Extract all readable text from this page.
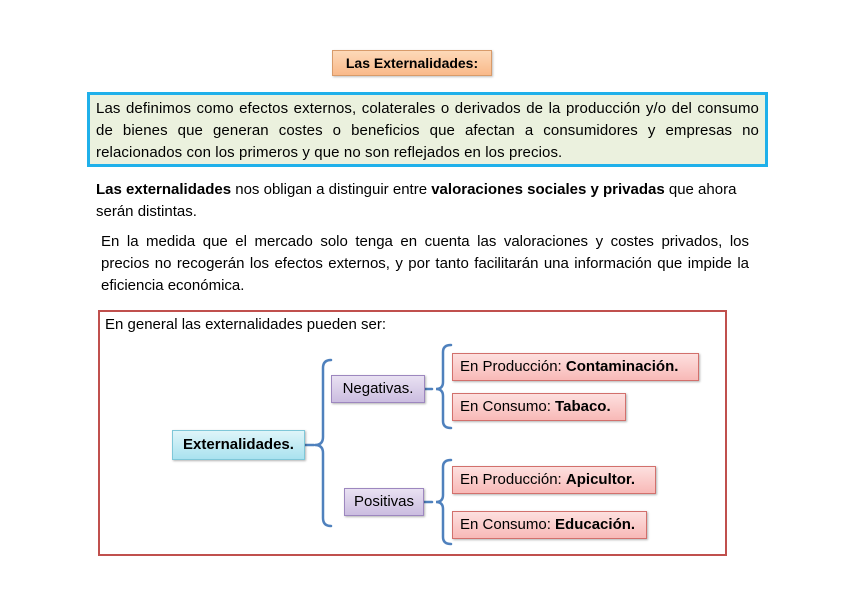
Las Externalidades:
Las definimos como efectos externos, colaterales o derivados de la producción y/o del consumo de bienes que generan costes o beneficios que afectan a consumidores y empresas no relacionados con los primeros y que no son reflejados en los precios.
Las externalidades nos obligan a distinguir entre valoraciones sociales y privadas que ahora serán distintas.
En la medida que el mercado solo tenga en cuenta las valoraciones y costes privados, los precios no recogerán los efectos externos, y por tanto facilitarán una información que impide la eficiencia económica.
En general las externalidades pueden ser:
Externalidades.
Negativas.
Positivas
En Producción: Contaminación.
En Consumo: Tabaco.
En Producción: Apicultor.
En Consumo: Educación.
